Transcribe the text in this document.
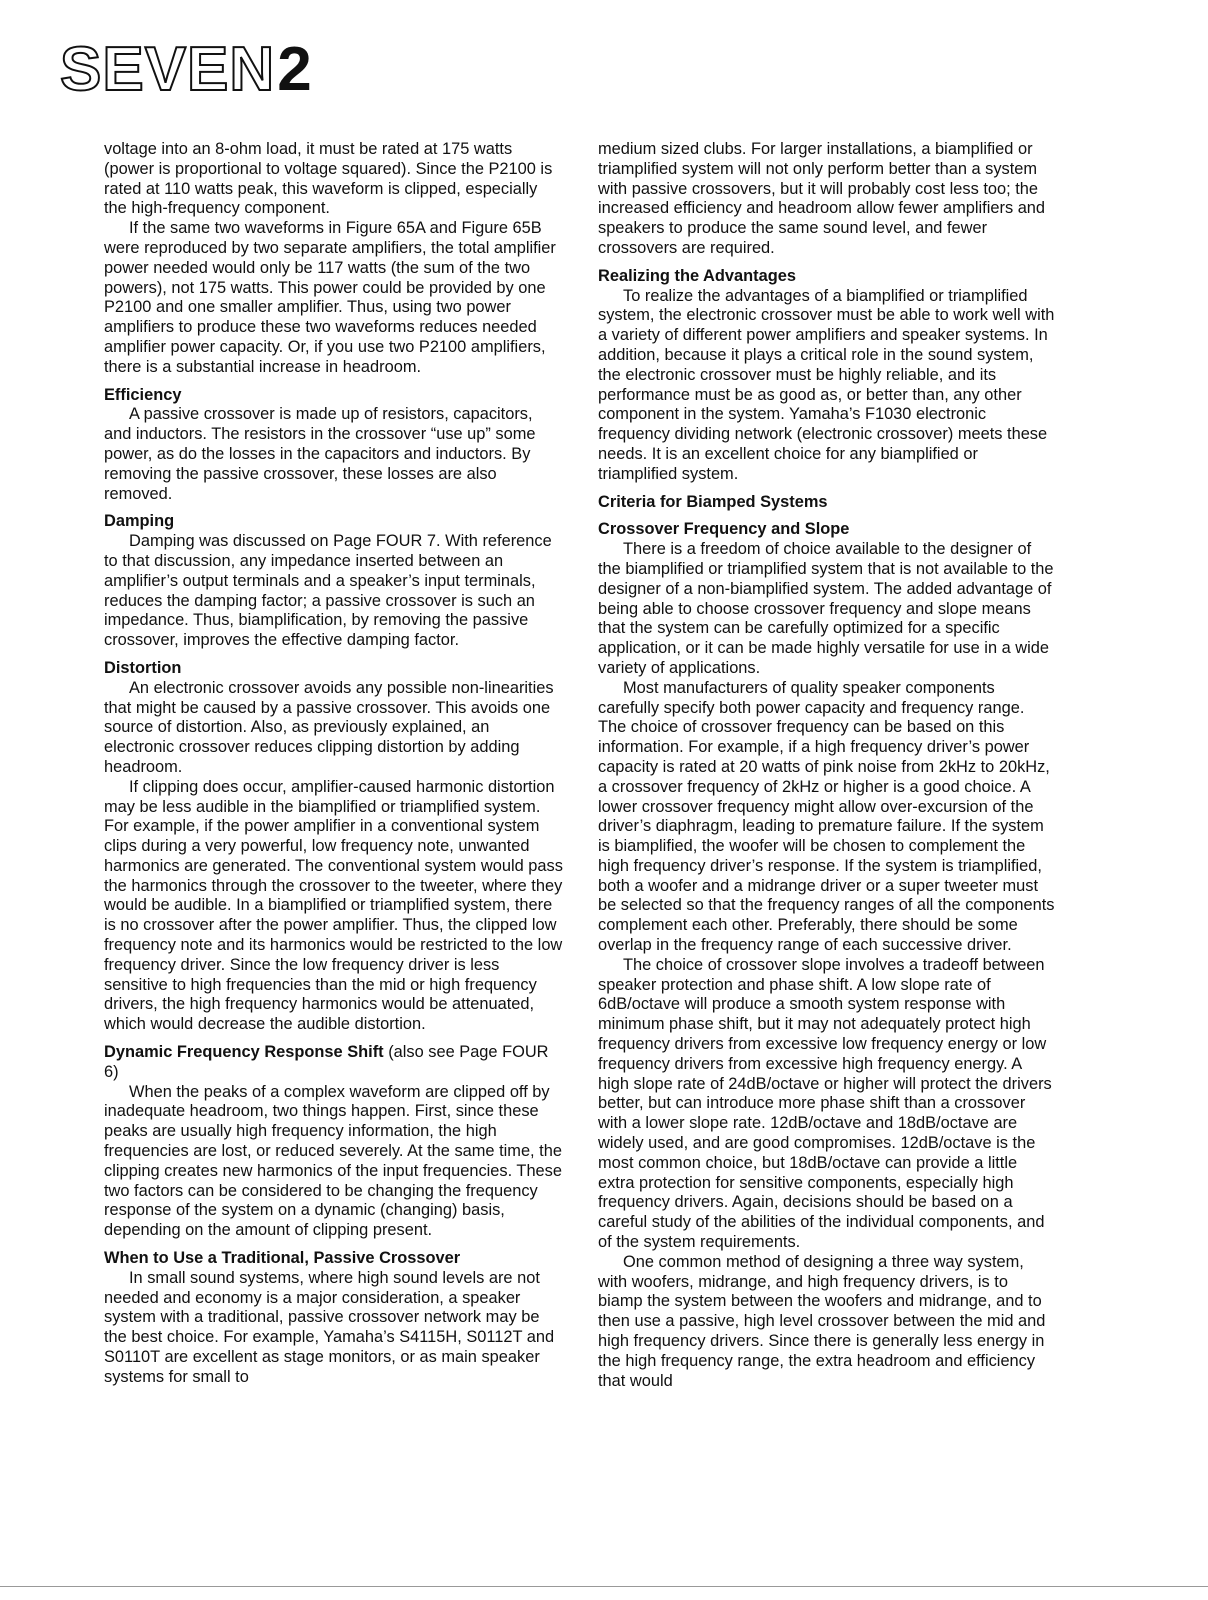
SEVEN 2

voltage into an 8-ohm load, it must be rated at 175 watts (power is proportional to voltage squared). Since the P2100 is rated at 110 watts peak, this waveform is clipped, especially the high-frequency component.

If the same two waveforms in Figure 65A and Figure 65B were reproduced by two separate amplifiers, the total amplifier power needed would only be 117 watts (the sum of the two powers), not 175 watts. This power could be provided by one P2100 and one smaller amplifier. Thus, using two power amplifiers to produce these two waveforms reduces needed amplifier power capacity. Or, if you use two P2100 amplifiers, there is a substantial increase in headroom.

Efficiency

A passive crossover is made up of resistors, capacitors, and inductors. The resistors in the crossover “use up” some power, as do the losses in the capacitors and inductors. By removing the passive crossover, these losses are also removed.

Damping

Damping was discussed on Page FOUR 7. With reference to that discussion, any impedance inserted between an amplifier’s output terminals and a speaker’s input terminals, reduces the damping factor; a passive crossover is such an impedance. Thus, biamplification, by removing the passive crossover, improves the effective damping factor.

Distortion

An electronic crossover avoids any possible non-linearities that might be caused by a passive crossover. This avoids one source of distortion. Also, as previously explained, an electronic crossover reduces clipping distortion by adding headroom.

If clipping does occur, amplifier-caused harmonic distortion may be less audible in the biamplified or triamplified system. For example, if the power amplifier in a conventional system clips during a very powerful, low frequency note, unwanted harmonics are generated. The conventional system would pass the harmonics through the crossover to the tweeter, where they would be audible. In a biamplified or triamplified system, there is no crossover after the power amplifier. Thus, the clipped low frequency note and its harmonics would be restricted to the low frequency driver. Since the low frequency driver is less sensitive to high frequencies than the mid or high frequency drivers, the high frequency harmonics would be attenuated, which would decrease the audible distortion.

Dynamic Frequency Response Shift (also see Page FOUR 6)

When the peaks of a complex waveform are clipped off by inadequate headroom, two things happen. First, since these peaks are usually high frequency information, the high frequencies are lost, or reduced severely. At the same time, the clipping creates new harmonics of the input frequencies. These two factors can be considered to be changing the frequency response of the system on a dynamic (changing) basis, depending on the amount of clipping present.

When to Use a Traditional, Passive Crossover

In small sound systems, where high sound levels are not needed and economy is a major consideration, a speaker system with a traditional, passive crossover network may be the best choice. For example, Yamaha’s S4115H, S0112T and S0110T are excellent as stage monitors, or as main speaker systems for small to

medium sized clubs. For larger installations, a biamplified or triamplified system will not only perform better than a system with passive crossovers, but it will probably cost less too; the increased efficiency and headroom allow fewer amplifiers and speakers to produce the same sound level, and fewer crossovers are required.

Realizing the Advantages

To realize the advantages of a biamplified or triamplified system, the electronic crossover must be able to work well with a variety of different power amplifiers and speaker systems. In addition, because it plays a critical role in the sound system, the electronic crossover must be highly reliable, and its performance must be as good as, or better than, any other component in the system. Yamaha’s F1030 electronic frequency dividing network (electronic crossover) meets these needs. It is an excellent choice for any biamplified or triamplified system.

Criteria for Biamped Systems
Crossover Frequency and Slope

There is a freedom of choice available to the designer of the biamplified or triamplified system that is not available to the designer of a non-biamplified system. The added advantage of being able to choose crossover frequency and slope means that the system can be carefully optimized for a specific application, or it can be made highly versatile for use in a wide variety of applications.

Most manufacturers of quality speaker components carefully specify both power capacity and frequency range. The choice of crossover frequency can be based on this information. For example, if a high frequency driver’s power capacity is rated at 20 watts of pink noise from 2kHz to 20kHz, a crossover frequency of 2kHz or higher is a good choice. A lower crossover frequency might allow over-excursion of the driver’s diaphragm, leading to premature failure. If the system is biamplified, the woofer will be chosen to complement the high frequency driver’s response. If the system is triamplified, both a woofer and a midrange driver or a super tweeter must be selected so that the frequency ranges of all the components complement each other. Preferably, there should be some overlap in the frequency range of each successive driver.

The choice of crossover slope involves a tradeoff between speaker protection and phase shift. A low slope rate of 6dB/octave will produce a smooth system response with minimum phase shift, but it may not adequately protect high frequency drivers from excessive low frequency energy or low frequency drivers from excessive high frequency energy. A high slope rate of 24dB/octave or higher will protect the drivers better, but can introduce more phase shift than a crossover with a lower slope rate. 12dB/octave and 18dB/octave are widely used, and are good compromises. 12dB/octave is the most common choice, but 18dB/octave can provide a little extra protection for sensitive components, especially high frequency drivers. Again, decisions should be based on a careful study of the abilities of the individual components, and of the system requirements.

One common method of designing a three way system, with woofers, midrange, and high frequency drivers, is to biamp the system between the woofers and midrange, and to then use a passive, high level crossover between the mid and high frequency drivers. Since there is generally less energy in the high frequency range, the extra headroom and efficiency that would
